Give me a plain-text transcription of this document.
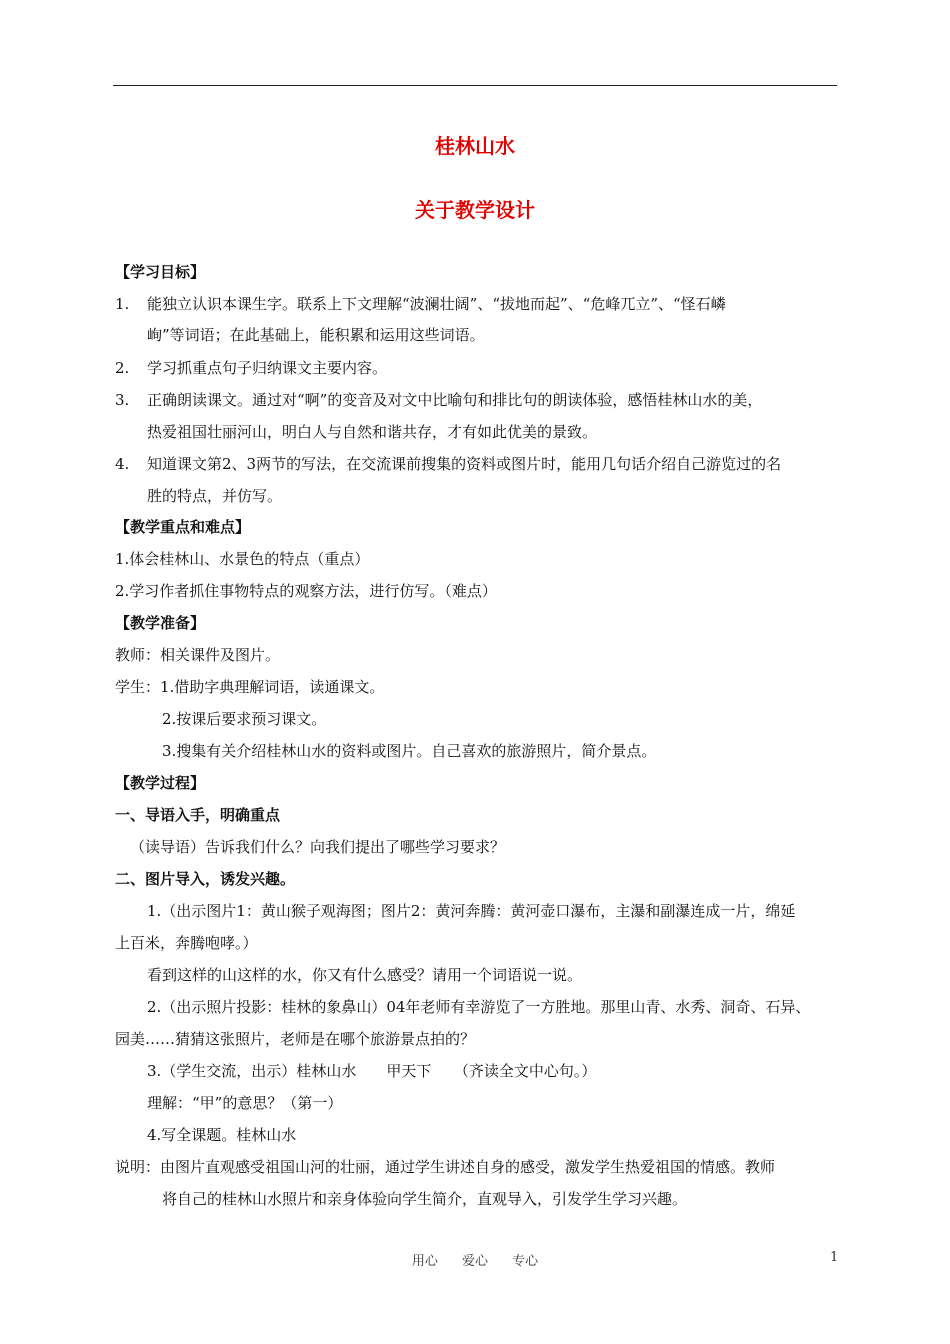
桂林山水
关于教学设计
【学习目标】
1. 能独立认识本课生字。联系上下文理解“波澜壮阔”、“拔地而起”、“危峰兀立”、“怪石嶙
峋”等词语；在此基础上，能积累和运用这些词语。
2. 学习抓重点句子归纳课文主要内容。
3. 正确朗读课文。通过对“啊”的变音及对文中比喻句和排比句的朗读体验，感悟桂林山水的美，
热爱祖国壮丽河山，明白人与自然和谐共存，才有如此优美的景致。
4. 知道课文第2、3两节的写法，在交流课前搜集的资料或图片时，能用几句话介绍自己游览过的名
胜的特点，并仿写。
【教学重点和难点】
1.体会桂林山、水景色的特点（重点）
2.学习作者抓住事物特点的观察方法，进行仿写。（难点）
【教学准备】
教师：相关课件及图片。
学生：1.借助字典理解词语，读通课文。
2.按课后要求预习课文。
3.搜集有关介绍桂林山水的资料或图片。自己喜欢的旅游照片，简介景点。
【教学过程】
一、导语入手，明确重点
（读导语）告诉我们什么？向我们提出了哪些学习要求？
二、图片导入，诱发兴趣。
1.（出示图片1：黄山猴子观海图；图片2：黄河奔腾：黄河壶口瀑布，主瀑和副瀑连成一片，绵延
上百米，奔腾咆哮。）
看到这样的山这样的水，你又有什么感受？请用一个词语说一说。
2.（出示照片投影：桂林的象鼻山）04年老师有幸游览了一方胜地。那里山青、水秀、洞奇、石异、
园美……猜猜这张照片，老师是在哪个旅游景点拍的？
3.（学生交流，出示）桂林山水　　甲天下　　（齐读全文中心句。）
理解：“甲”的意思？（第一）
4.写全课题。桂林山水
说明：由图片直观感受祖国山河的壮丽，通过学生讲述自身的感受，激发学生热爱祖国的情感。教师
将自己的桂林山水照片和亲身体验向学生简介，直观导入，引发学生学习兴趣。
用心 爱心 专心	1
